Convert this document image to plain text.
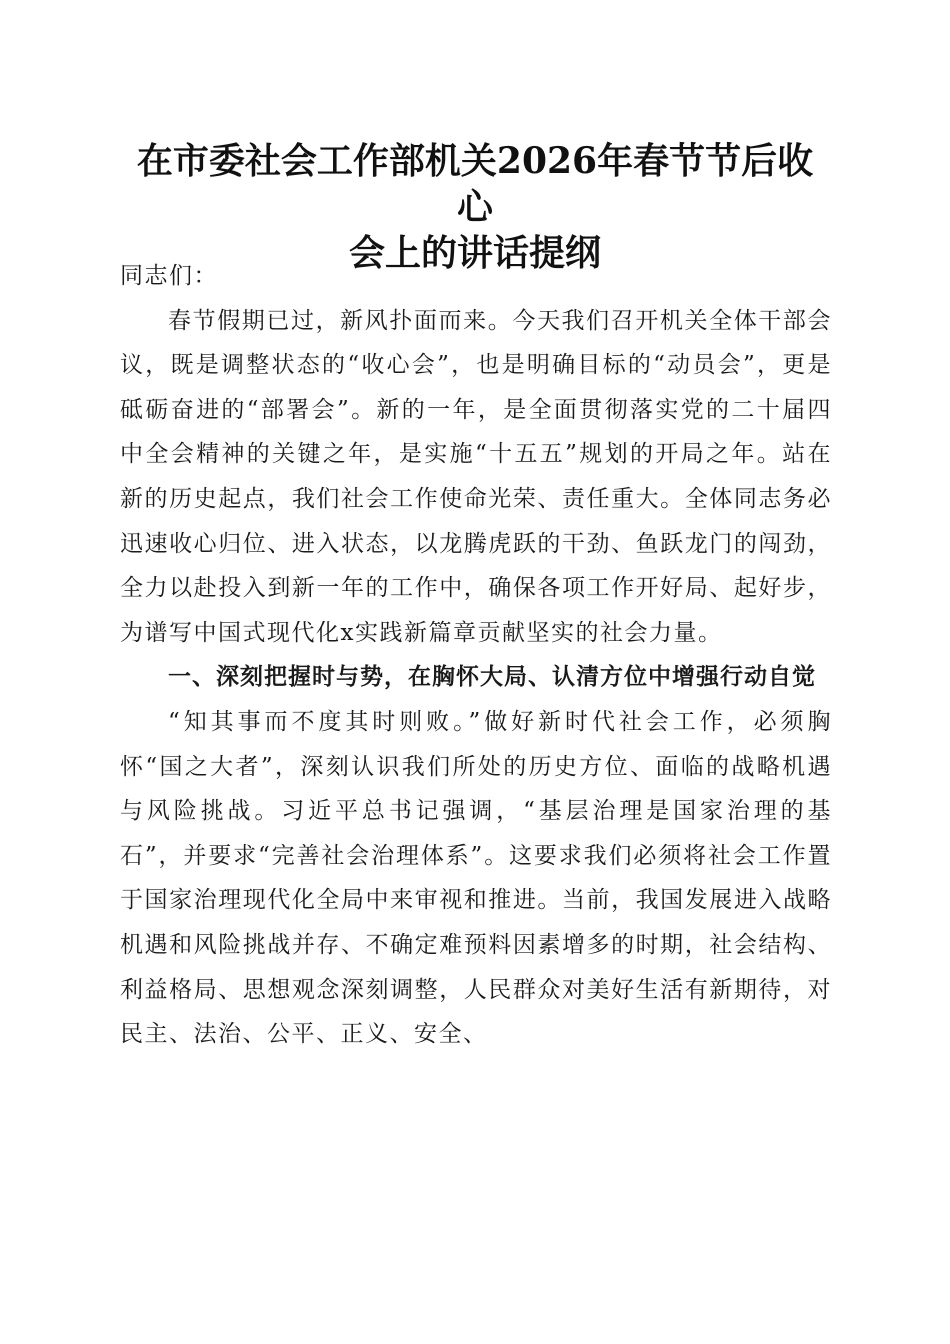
在市委社会工作部机关2026年春节节后收心
会上的讲话提纲

同志们：

春节假期已过，新风扑面而来。今天我们召开机关全体干部会议，既是调整状态的“收心会”，也是明确目标的“动员会”，更是砥砺奋进的“部署会”。新的一年，是全面贯彻落实党的二十届四中全会精神的关键之年，是实施“十五五”规划的开局之年。站在新的历史起点，我们社会工作使命光荣、责任重大。全体同志务必迅速收心归位、进入状态，以龙腾虎跃的干劲、鱼跃龙门的闯劲，全力以赴投入到新一年的工作中，确保各项工作开好局、起好步，为谱写中国式现代化x实践新篇章贡献坚实的社会力量。

一、深刻把握时与势，在胸怀大局、认清方位中增强行动自觉

“知其事而不度其时则败。”做好新时代社会工作，必须胸怀“国之大者”，深刻认识我们所处的历史方位、面临的战略机遇与风险挑战。习近平总书记强调，“基层治理是国家治理的基石”，并要求“完善社会治理体系”。这要求我们必须将社会工作置于国家治理现代化全局中来审视和推进。当前，我国发展进入战略机遇和风险挑战并存、不确定难预料因素增多的时期，社会结构、利益格局、思想观念深刻调整，人民群众对美好生活有新期待，对民主、法治、公平、正义、安全、
